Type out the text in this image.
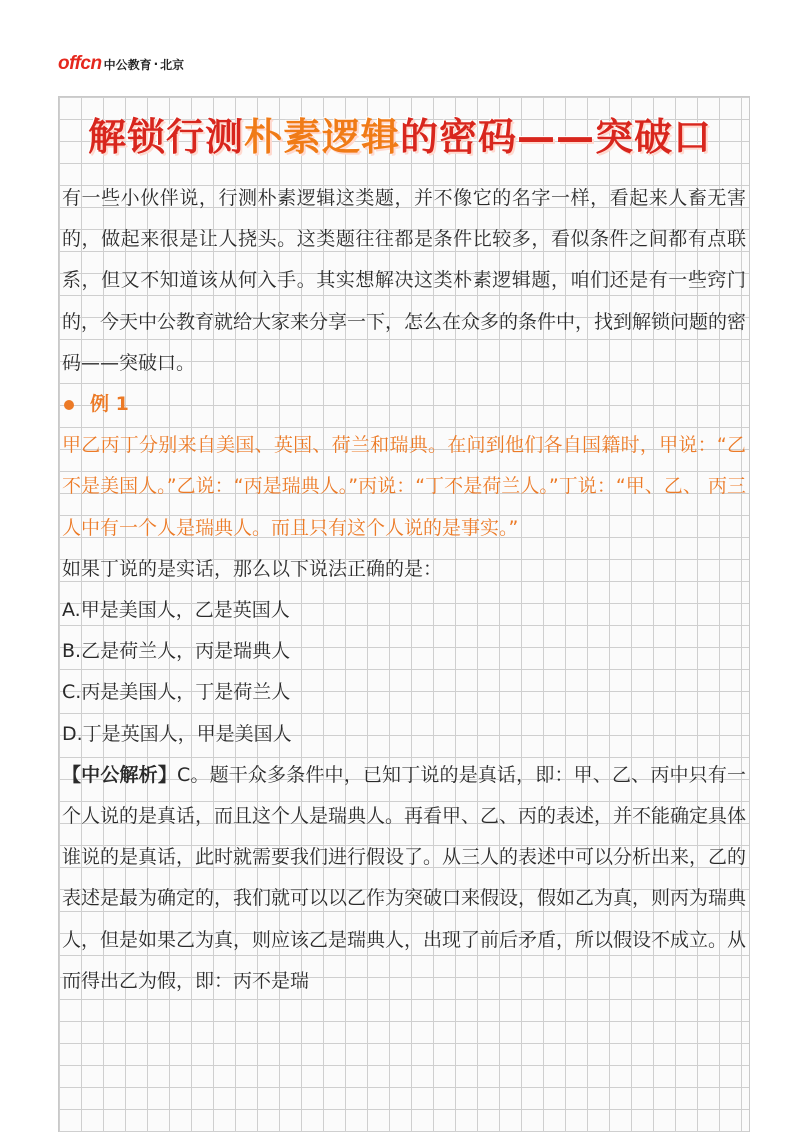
offcn 中公教育 · 北京
解锁行测朴素逻辑的密码——突破口

有一些小伙伴说，行测朴素逻辑这类题，并不像它的名字一样，看起来人畜无害的，做起来很是让人挠头。这类题往往都是条件比较多，看似条件之间都有点联系，但又不知道该从何入手。其实想解决这类朴素逻辑题，咱们还是有一些窍门的，今天中公教育就给大家来分享一下，怎么在众多的条件中，找到解锁问题的密码——突破口。

例 1

甲乙丙丁分别来自美国、英国、荷兰和瑞典。在问到他们各自国籍时，甲说：“乙不是美国人。”乙说：“丙是瑞典人。”丙说：“丁不是荷兰人。”丁说：“甲、乙、 丙三人中有一个人是瑞典人。而且只有这个人说的是事实。”

如果丁说的是实话，那么以下说法正确的是：

A.甲是美国人，乙是英国人

B.乙是荷兰人，丙是瑞典人

C.丙是美国人，丁是荷兰人

D.丁是英国人，甲是美国人

【中公解析】C。题干众多条件中，已知丁说的是真话，即：甲、乙、丙中只有一个人说的是真话，而且这个人是瑞典人。再看甲、乙、丙的表述，并不能确定具体谁说的是真话，此时就需要我们进行假设了。从三人的表述中可以分析出来，乙的表述是最为确定的，我们就可以以乙作为突破口来假设，假如乙为真，则丙为瑞典人，但是如果乙为真，则应该乙是瑞典人，出现了前后矛盾，所以假设不成立。从而得出乙为假，即：丙不是瑞
